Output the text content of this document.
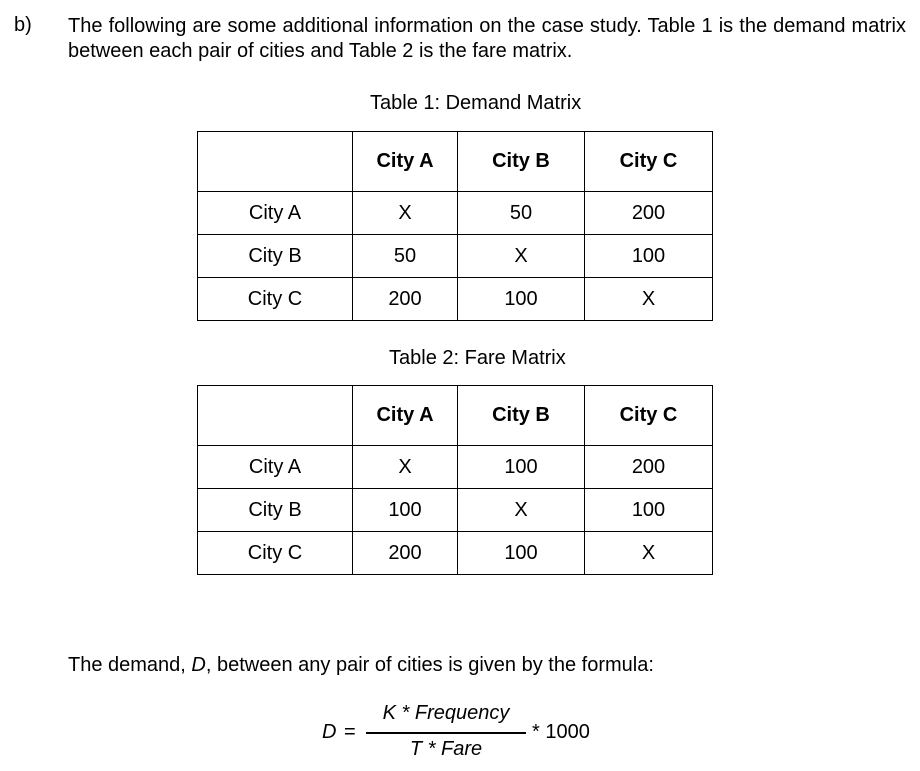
b) The following are some additional information on the case study. Table 1 is the demand matrix between each pair of cities and Table 2 is the fare matrix.
Table 1: Demand Matrix
	City A	City B	City C
City A	X	50	200
City B	50	X	100
City C	200	100	X
Table 2: Fare Matrix
	City A	City B	City C
City A	X	100	200
City B	100	X	100
City C	200	100	X
The demand, D, between any pair of cities is given by the formula:
D =
K * Frequency
T * Fare
* 1000
